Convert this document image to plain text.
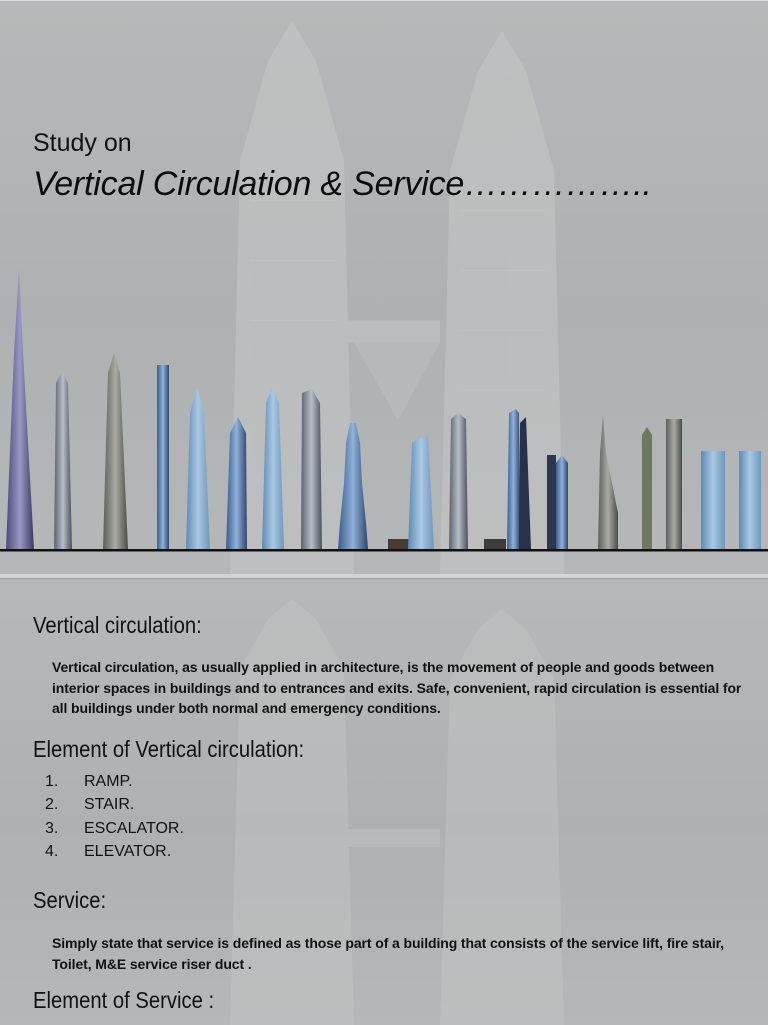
Study on

Vertical Circulation & Service……………..
Vertical circulation:

Vertical circulation, as usually applied in architecture, is the movement of people and goods between interior spaces in buildings and to entrances and exits. Safe, convenient, rapid circulation is essential for all buildings under both normal and emergency conditions.

Element of Vertical circulation:
1.	RAMP.
2.	STAIR.
3.	ESCALATOR.
4.	ELEVATOR.
Service:

Simply state that service is defined as those part of a building that consists of the service lift, fire stair, Toilet, M&E service riser duct .

Element of Service :
